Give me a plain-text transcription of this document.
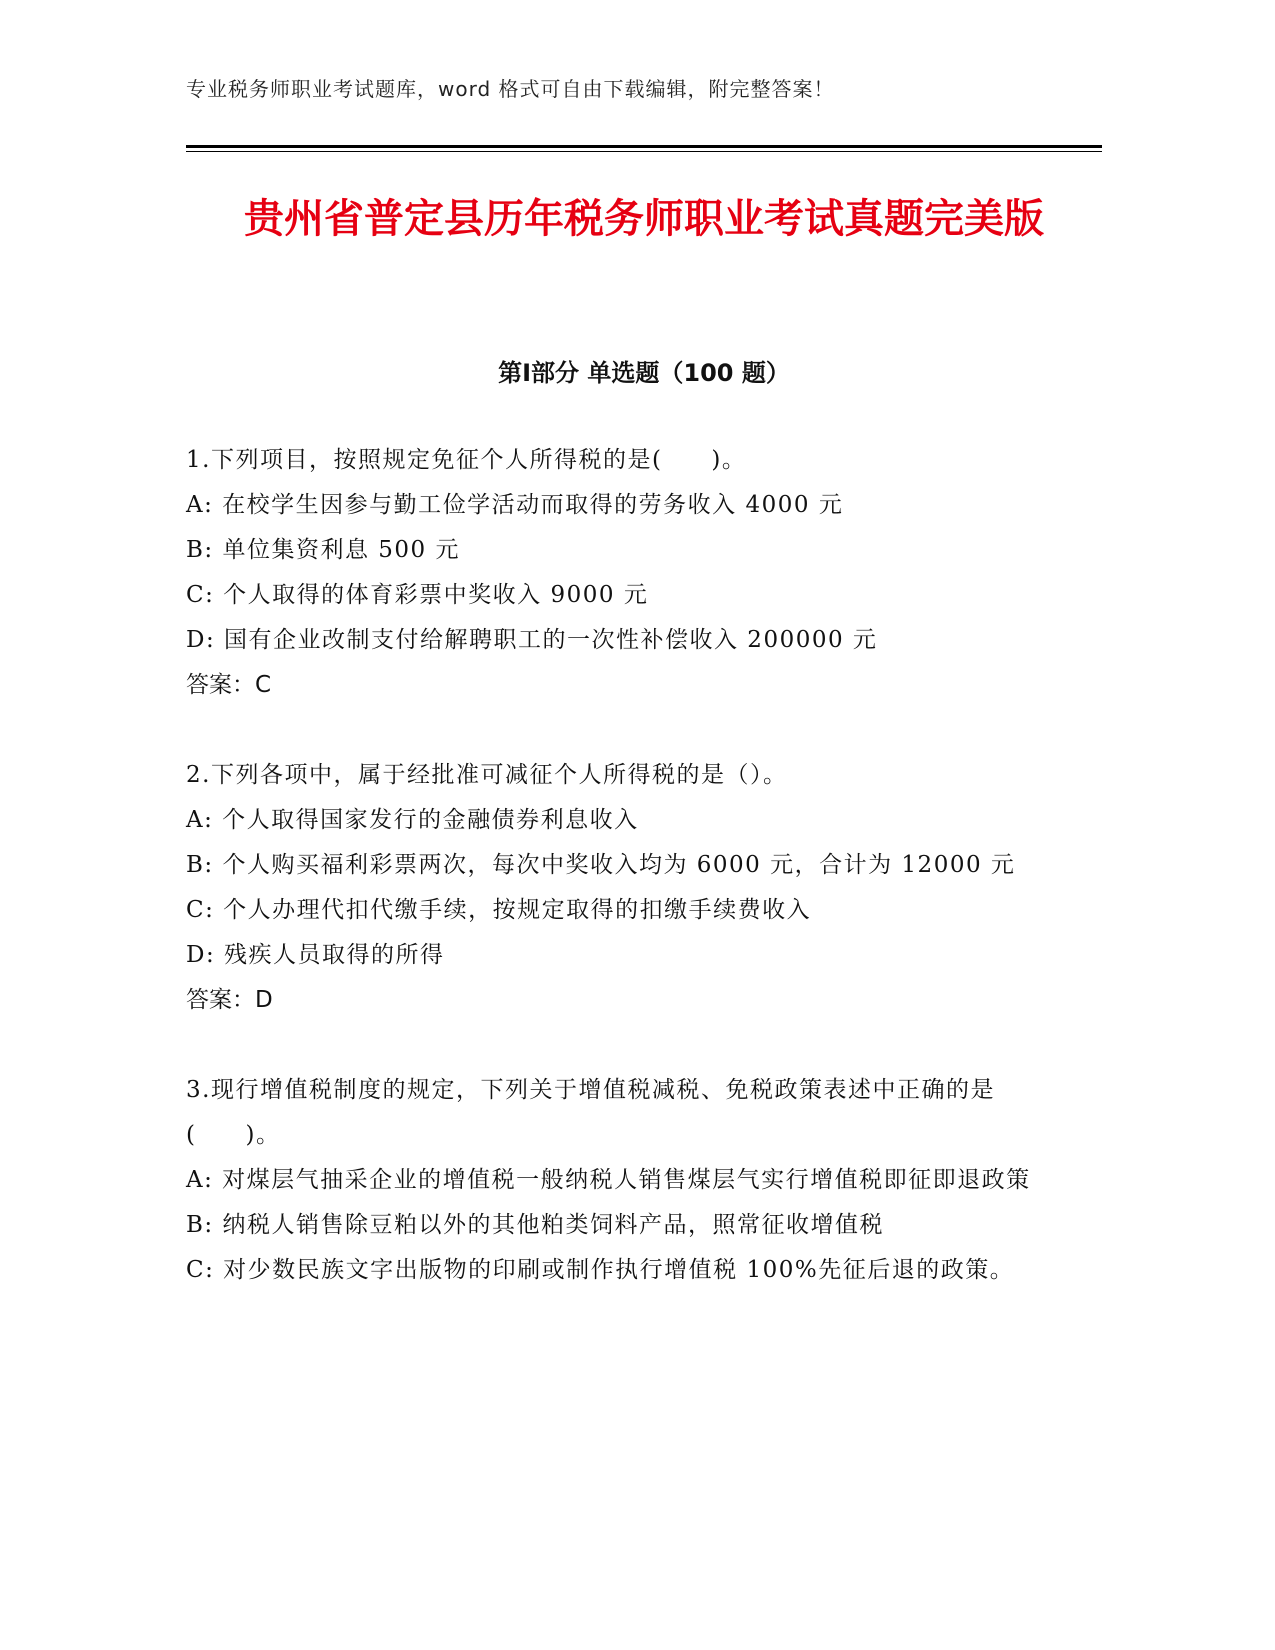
专业税务师职业考试题库，word 格式可自由下载编辑，附完整答案！
贵州省普定县历年税务师职业考试真题完美版
第Ⅰ部分 单选题（100 题）
1.下列项目，按照规定免征个人所得税的是(　　)。
A: 在校学生因参与勤工俭学活动而取得的劳务收入 4000 元
B: 单位集资利息 500 元
C: 个人取得的体育彩票中奖收入 9000 元
D: 国有企业改制支付给解聘职工的一次性补偿收入 200000 元
答案：C
2.下列各项中，属于经批准可减征个人所得税的是（）。
A: 个人取得国家发行的金融债券利息收入
B: 个人购买福利彩票两次，每次中奖收入均为 6000 元，合计为 12000 元
C: 个人办理代扣代缴手续，按规定取得的扣缴手续费收入
D: 残疾人员取得的所得
答案：D
3.现行增值税制度的规定，下列关于增值税减税、免税政策表述中正确的是(　　)。
A: 对煤层气抽采企业的增值税一般纳税人销售煤层气实行增值税即征即退政策
B: 纳税人销售除豆粕以外的其他粕类饲料产品，照常征收增值税
C: 对少数民族文字出版物的印刷或制作执行增值税 100%先征后退的政策。
